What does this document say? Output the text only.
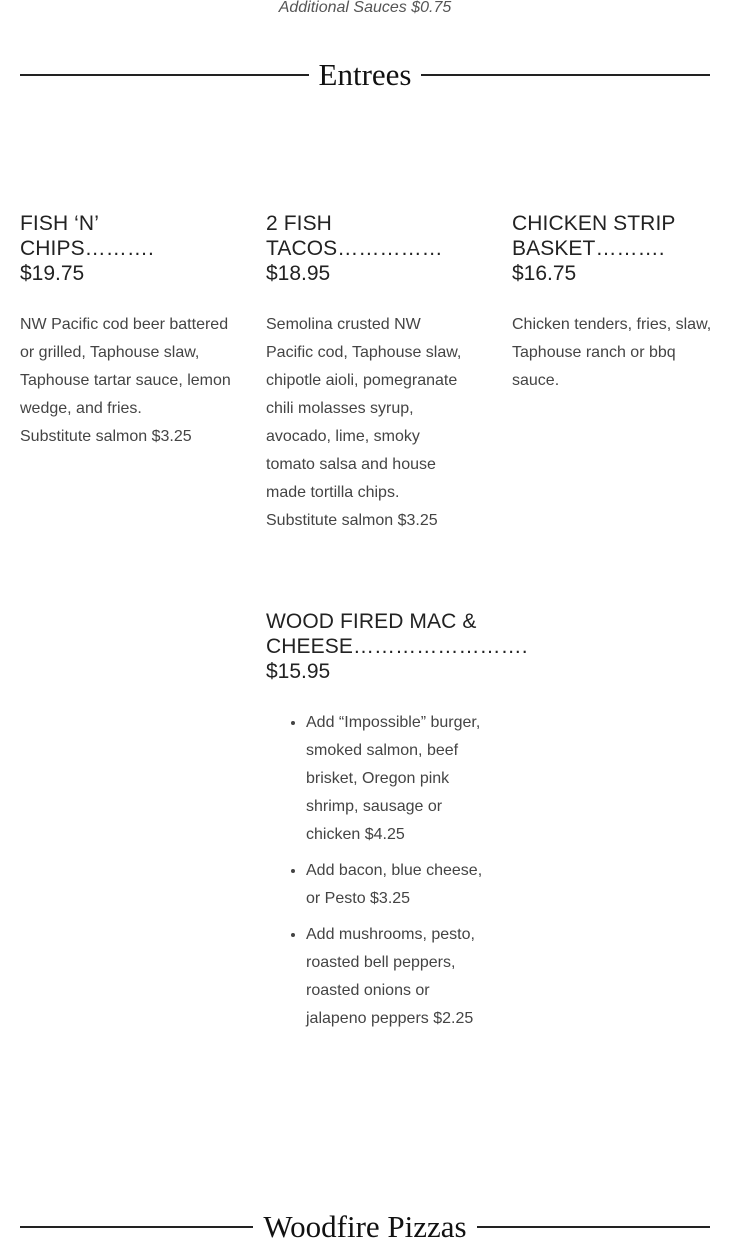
Additional Sauces $0.75
Entrees
FISH ‘N’ CHIPS……….
$19.75
NW Pacific cod beer battered or grilled, Taphouse slaw, Taphouse tartar sauce, lemon wedge, and fries.
Substitute salmon $3.25
2 FISH TACOS……………
$18.95
Semolina crusted NW Pacific cod, Taphouse slaw, chipotle aioli, pomegranate chili molasses syrup, avocado, lime, smoky tomato salsa and house made tortilla chips.
Substitute salmon $3.25
CHICKEN STRIP BASKET……….
$16.75
Chicken tenders, fries, slaw, Taphouse ranch or bbq sauce.
WOOD FIRED MAC & CHEESE…………………….
$15.95
• Add “Impossible” burger, smoked salmon, beef brisket, Oregon pink shrimp, sausage or chicken $4.25
• Add bacon, blue cheese, or Pesto $3.25
• Add mushrooms, pesto, roasted bell peppers, roasted onions or jalapeno peppers $2.25
Woodfire Pizzas
